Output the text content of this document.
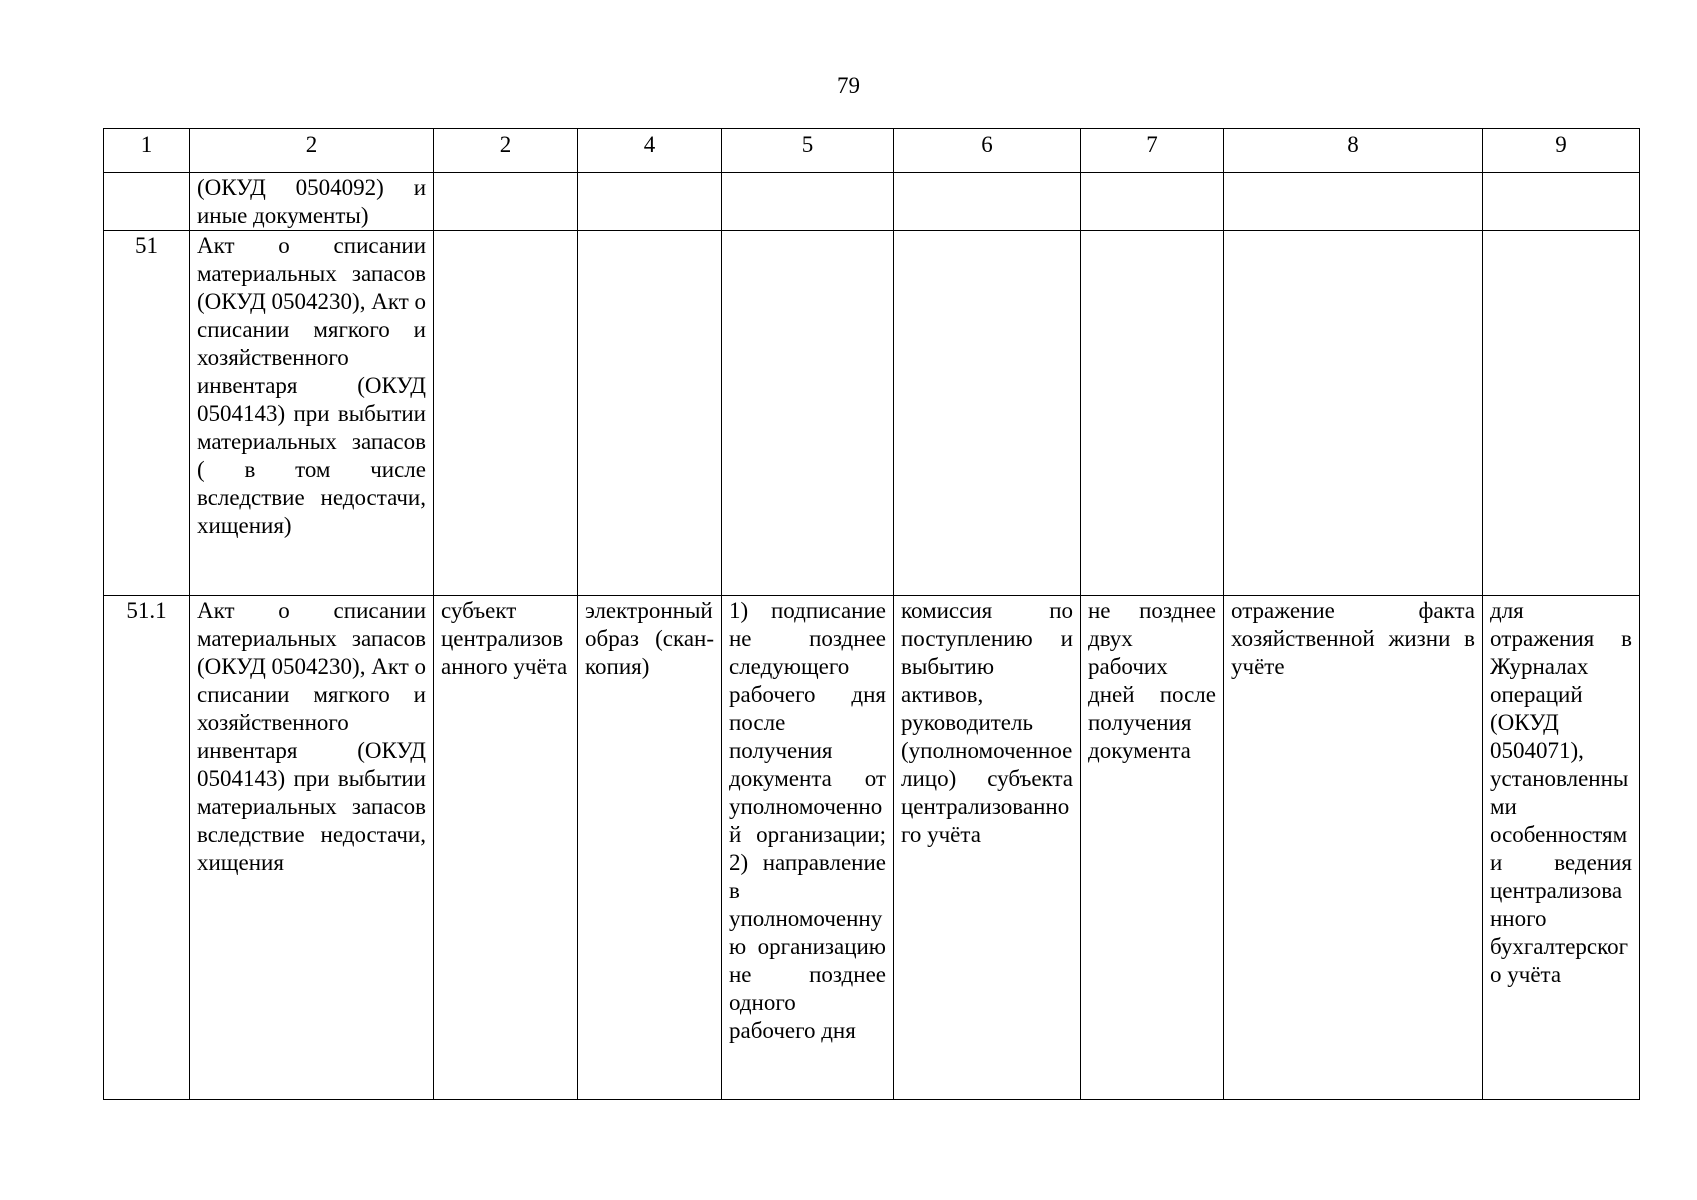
79
1	2	2	4	5	6	7	8	9
	(ОКУД 0504092) и иные документы)							
51	Акт о списании материальных запасов (ОКУД 0504230), Акт о списании мягкого и хозяйственного инвентаря (ОКУД 0504143) при выбытии материальных запасов ( в том числе вследствие недостачи, хищения)							
51.1	Акт о списании материальных запасов (ОКУД 0504230), Акт о списании мягкого и хозяйственного инвентаря (ОКУД 0504143) при выбытии материальных запасов вследствие недостачи, хищения	субъект централизованного учёта	электронный образ (скан-копия)	1) подписание не позднее следующего рабочего дня после получения документа от уполномоченной организации; 2) направление в уполномоченную организацию не позднее одного рабочего дня	комиссия по поступлению и выбытию активов, руководитель (уполномоченное лицо) субъекта централизованного учёта	не позднее двух рабочих дней после получения документа	отражение факта хозяйственной жизни в учёте	для отражения в Журналах операций (ОКУД 0504071), установленными особенностями ведения централизованного бухгалтерского учёта
